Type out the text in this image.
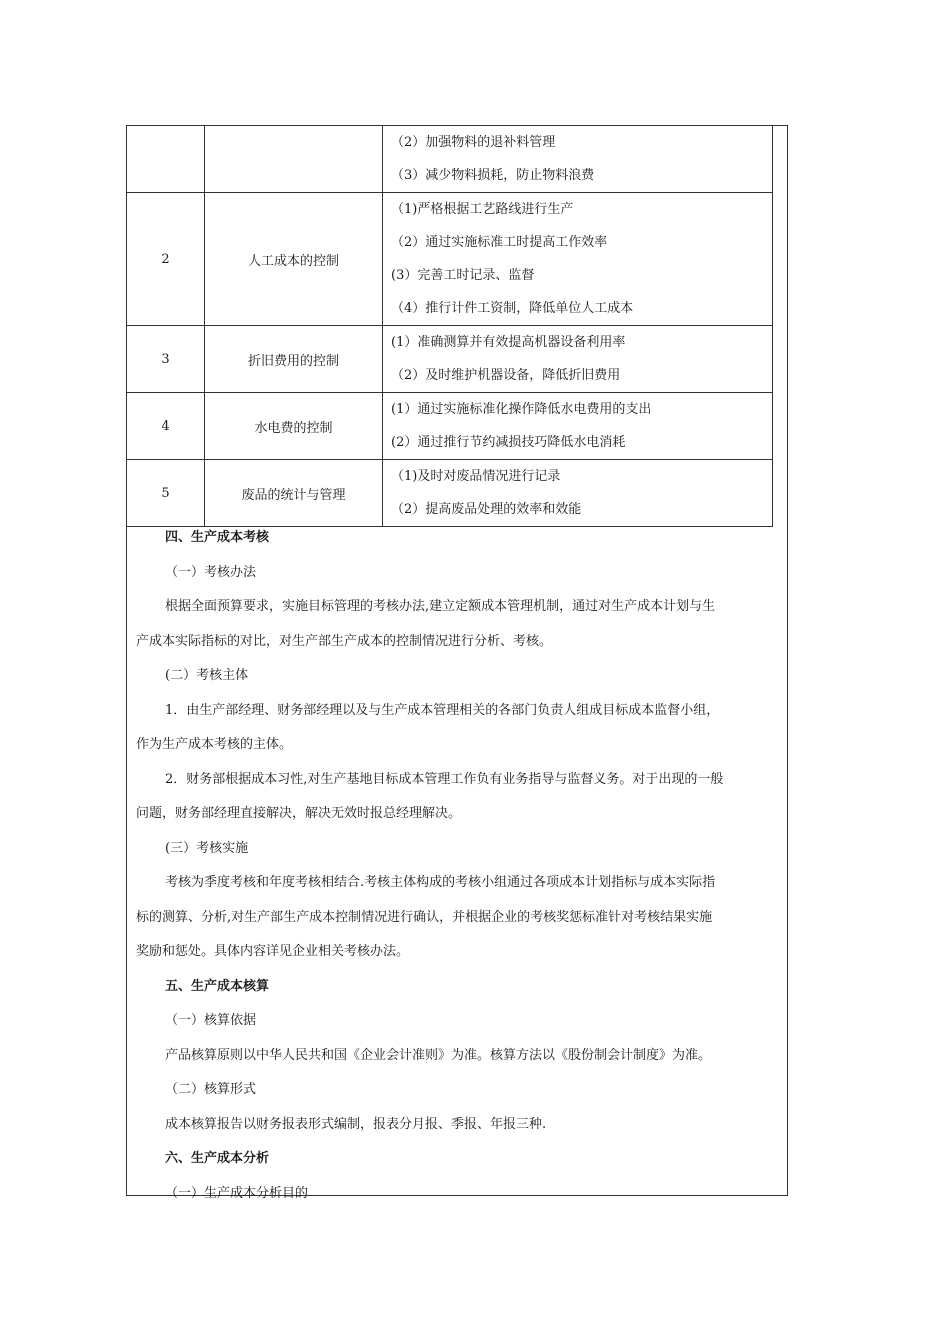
		（2）加强物料的退补料管理
（3）减少物料损耗，防止物料浪费

2	人工成本的控制	（1)严格根据工艺路线进行生产
（2）通过实施标准工时提高工作效率
(3）完善工时记录、监督
（4）推行计件工资制，降低单位人工成本

3	折旧费用的控制	(1）准确测算并有效提高机器设备利用率
（2）及时维护机器设备，降低折旧费用

4	水电费的控制	(1）通过实施标准化操作降低水电费用的支出
(2）通过推行节约减损技巧降低水电消耗

5	废品的统计与管理	（1)及时对废品情况进行记录
（2）提高废品处理的效率和效能

四、生产成本考核

（一）考核办法

根据全面预算要求，实施目标管理的考核办法,建立定额成本管理机制，通过对生产成本计划与生

产成本实际指标的对比，对生产部生产成本的控制情况进行分析、考核。

(二）考核主体

1．由生产部经理、财务部经理以及与生产成本管理相关的各部门负责人组成目标成本监督小组，

作为生产成本考核的主体。

2．财务部根据成本习性,对生产基地目标成本管理工作负有业务指导与监督义务。对于出现的一般

问题，财务部经理直接解决，解决无效时报总经理解决。

(三）考核实施

考核为季度考核和年度考核相结合.考核主体构成的考核小组通过各项成本计划指标与成本实际指

标的测算、分析,对生产部生产成本控制情况进行确认，并根据企业的考核奖惩标准针对考核结果实施

奖励和惩处。具体内容详见企业相关考核办法。

五、生产成本核算

（一）核算依据

产品核算原则以中华人民共和国《企业会计准则》为准。核算方法以《股份制会计制度》为准。

（二）核算形式

成本核算报告以财务报表形式编制，报表分月报、季报、年报三种.

六、生产成本分析

（一）生产成本分析目的
